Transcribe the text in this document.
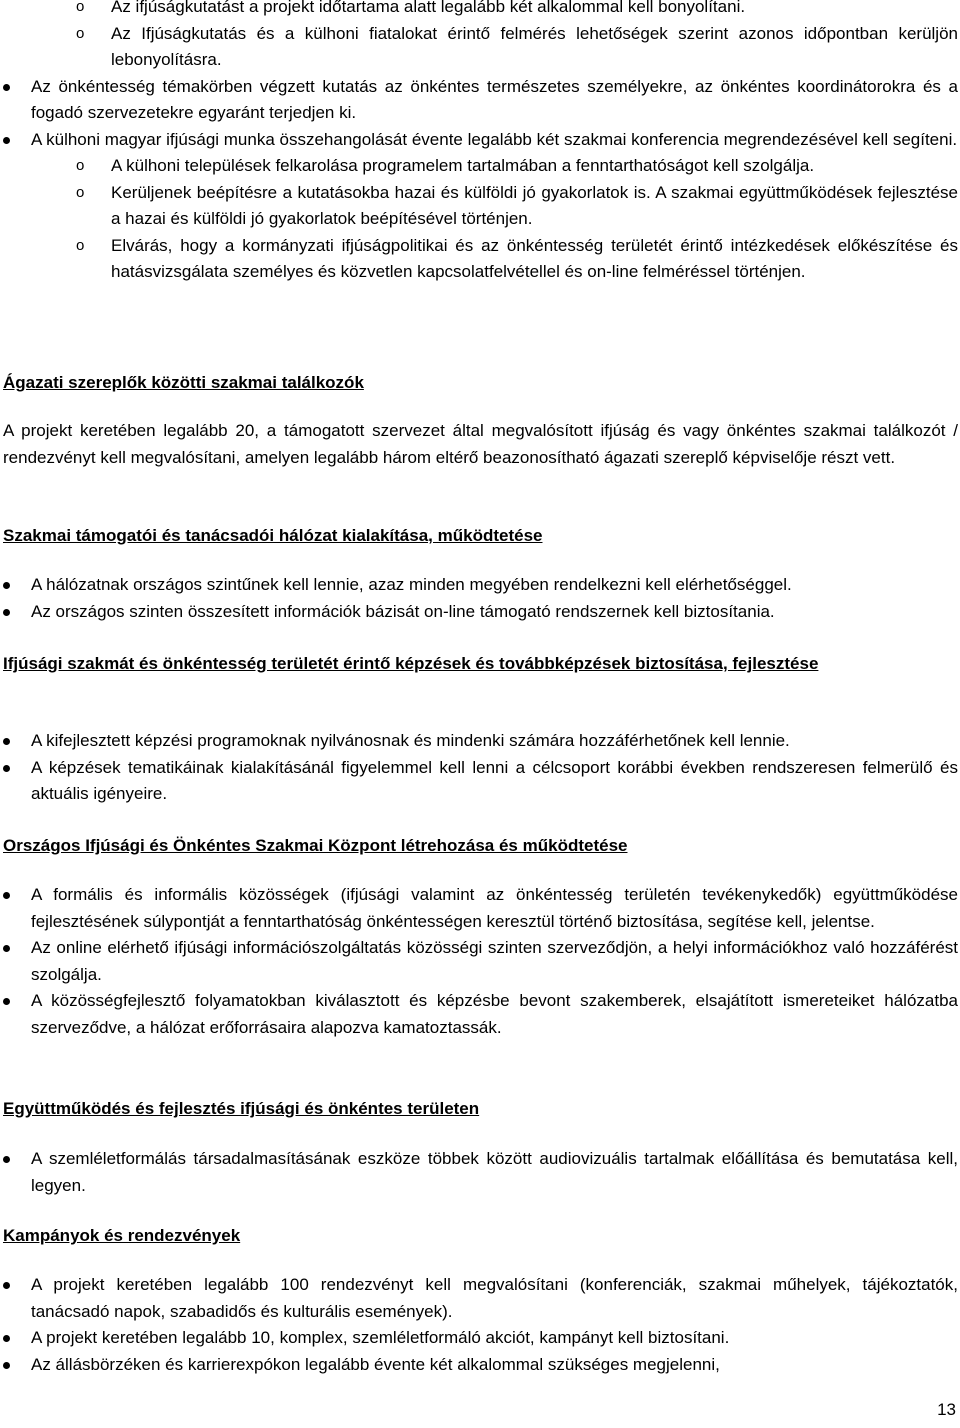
o Az ifjúságkutatást a projekt időtartama alatt legalább két alkalommal kell bonyolítani.
o Az Ifjúságkutatás és a külhoni fiatalokat érintő felmérés lehetőségek szerint azonos időpontban kerüljön lebonyolításra.
Az önkéntesség témakörben végzett kutatás az önkéntes természetes személyekre, az önkéntes koordinátorokra és a fogadó szervezetekre egyaránt terjedjen ki.
A külhoni magyar ifjúsági munka összehangolását évente legalább két szakmai konferencia megrendezésével kell segíteni.
o A külhoni települések felkarolása programelem tartalmában a fenntarthatóságot kell szolgálja.
o Kerüljenek beépítésre a kutatásokba hazai és külföldi jó gyakorlatok is. A szakmai együttműködések fejlesztése a hazai és külföldi jó gyakorlatok beépítésével történjen.
o Elvárás, hogy a kormányzati ifjúságpolitikai és az önkéntesség területét érintő intézkedések előkészítése és hatásvizsgálata személyes és közvetlen kapcsolatfelvétellel és on-line felméréssel történjen.

Ágazati szereplők közötti szakmai találkozók

A projekt keretében legalább 20, a támogatott szervezet által megvalósított ifjúság és vagy önkéntes szakmai találkozót / rendezvényt kell megvalósítani, amelyen legalább három eltérő beazonosítható ágazati szereplő képviselője részt vett.

Szakmai támogatói és tanácsadói hálózat kialakítása, működtetése

A hálózatnak országos szintűnek kell lennie, azaz minden megyében rendelkezni kell elérhetőséggel.
Az országos szinten összesített információk bázisát on-line támogató rendszernek kell biztosítania.

Ifjúsági szakmát és önkéntesség területét érintő képzések és továbbképzések biztosítása, fejlesztése

A kifejlesztett képzési programoknak nyilvánosnak és mindenki számára hozzáférhetőnek kell lennie.
A képzések tematikáinak kialakításánál figyelemmel kell lenni a célcsoport korábbi években rendszeresen felmerülő és aktuális igényeire.

Országos Ifjúsági és Önkéntes Szakmai Központ létrehozása és működtetése

A formális és informális közösségek (ifjúsági valamint az önkéntesség területén tevékenykedők) együttműködése fejlesztésének súlypontját a fenntarthatóság önkéntességen keresztül történő biztosítása, segítése kell, jelentse.
Az online elérhető ifjúsági információszolgáltatás közösségi szinten szerveződjön, a helyi információkhoz való hozzáférést szolgálja.
A közösségfejlesztő folyamatokban kiválasztott és képzésbe bevont szakemberek, elsajátított ismereteiket hálózatba szerveződve, a hálózat erőforrásaira alapozva kamatoztassák.

Együttműködés és fejlesztés ifjúsági és önkéntes területen

A szemléletformálás társadalmasításának eszköze többek között audiovizuális tartalmak előállítása és bemutatása kell, legyen.

Kampányok és rendezvények

A projekt keretében legalább 100 rendezvényt kell megvalósítani (konferenciák, szakmai műhelyek, tájékoztatók, tanácsadó napok, szabadidős és kulturális események).
A projekt keretében legalább 10, komplex, szemléletformáló akciót, kampányt kell biztosítani.
Az állásbörzéken és karrierexpókon legalább évente két alkalommal szükséges megjelenni,
13
